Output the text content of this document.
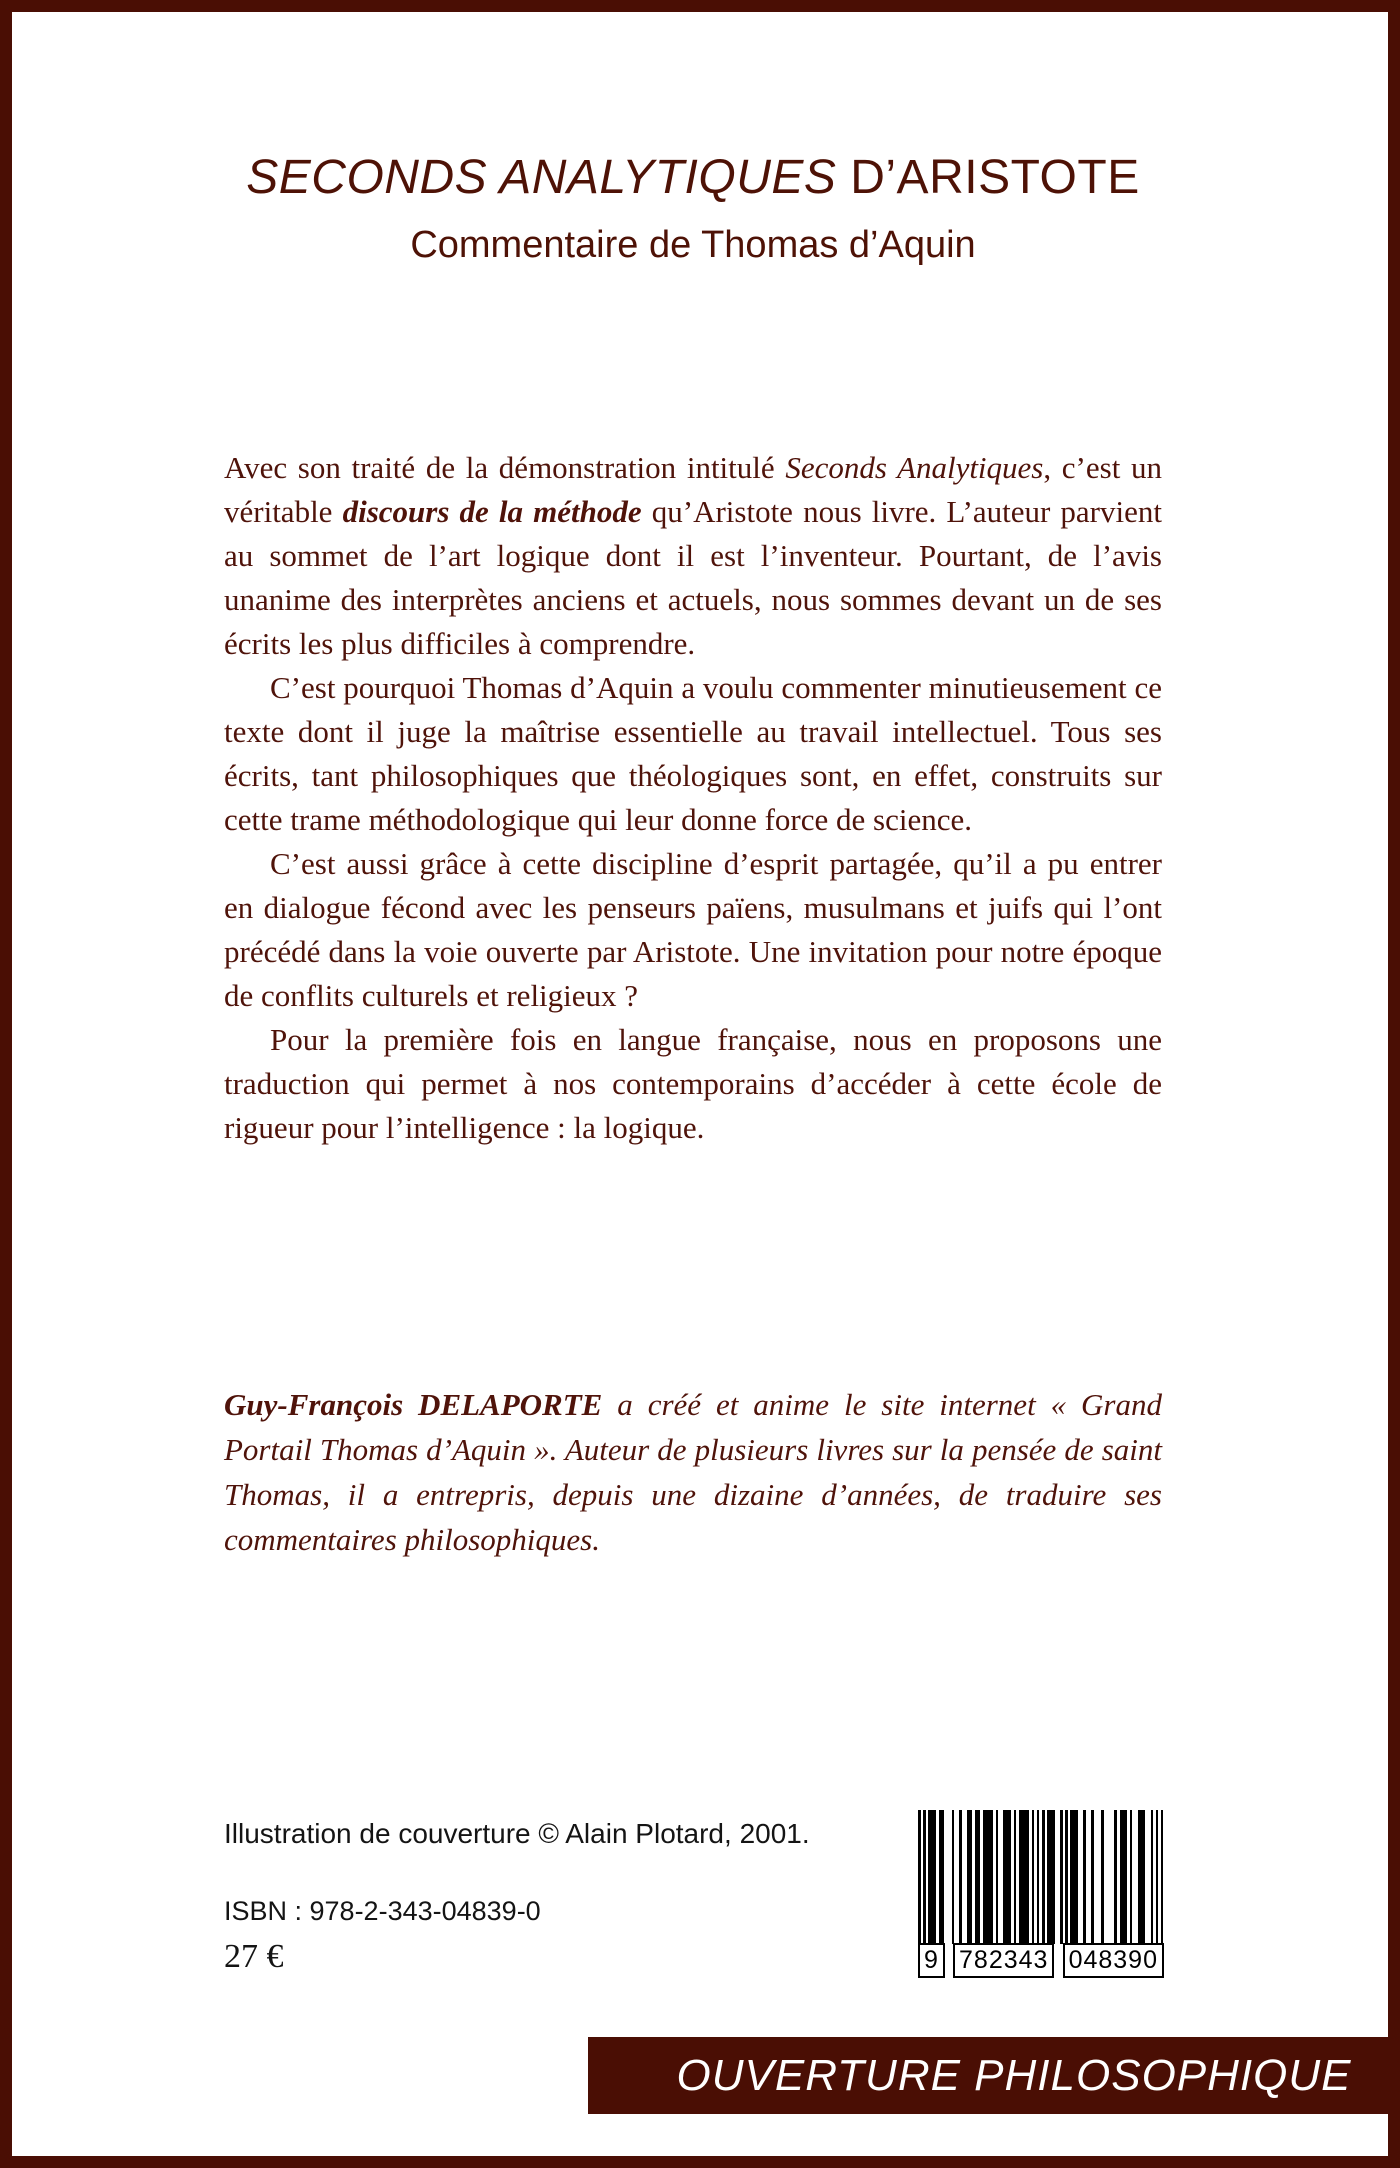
SECONDS ANALYTIQUES D’ARISTOTE
Commentaire de Thomas d’Aquin

Avec son traité de la démonstration intitulé Seconds Analytiques, c’est un véritable discours de la méthode qu’Aristote nous livre. L’auteur parvient au sommet de l’art logique dont il est l’inventeur. Pourtant, de l’avis unanime des interprètes anciens et actuels, nous sommes devant un de ses écrits les plus difficiles à comprendre.

C’est pourquoi Thomas d’Aquin a voulu commenter minutieusement ce texte dont il juge la maîtrise essentielle au travail intellectuel. Tous ses écrits, tant philosophiques que théologiques sont, en effet, construits sur cette trame méthodologique qui leur donne force de science.

C’est aussi grâce à cette discipline d’esprit partagée, qu’il a pu entrer en dialogue fécond avec les penseurs païens, musulmans et juifs qui l’ont précédé dans la voie ouverte par Aristote. Une invitation pour notre époque de conflits culturels et religieux ?

Pour la première fois en langue française, nous en proposons une traduction qui permet à nos contemporains d’accéder à cette école de rigueur pour l’intelligence : la logique.

Guy-François DELAPORTE a créé et anime le site internet « Grand Portail Thomas d’Aquin ». Auteur de plusieurs livres sur la pensée de saint Thomas, il a entrepris, depuis une dizaine d’années, de traduire ses commentaires philosophiques.
Illustration de couverture © Alain Plotard, 2001.
ISBN : 978-2-343-04839-0
27 €	9 782343 048390
OUVERTURE PHILOSOPHIQUE
